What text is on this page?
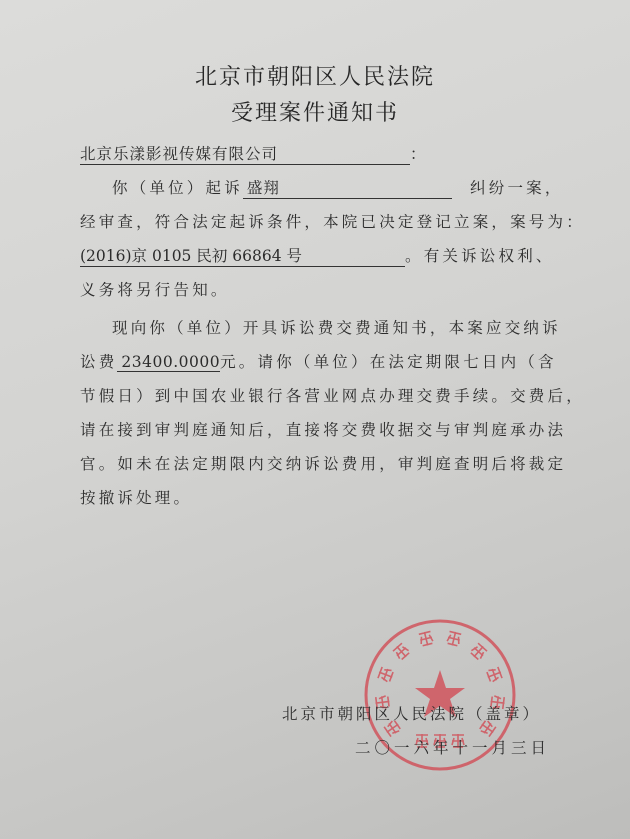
北京市朝阳区人民法院
受理案件通知书
北京乐漾影视传媒有限公司	：
你（单位）起诉 盛翔	纠纷一案，
经审查，符合法定起诉条件，本院已决定登记立案，案号为：
(2016)京 0105 民初 66864 号	。有关诉讼权利、
义务将另行告知。
现向你（单位）开具诉讼费交费通知书，本案应交纳诉
讼费 23400.0000元。请你（单位）在法定期限七日内（含
节假日）到中国农业银行各营业网点办理交费手续。交费后，
请在接到审判庭通知后，直接将交费收据交与审判庭承办法
官。如未在法定期限内交纳诉讼费用，审判庭查明后将裁定
按撤诉处理。
北京市朝阳区人民法院（盖章）
二〇一六年十一月三日
